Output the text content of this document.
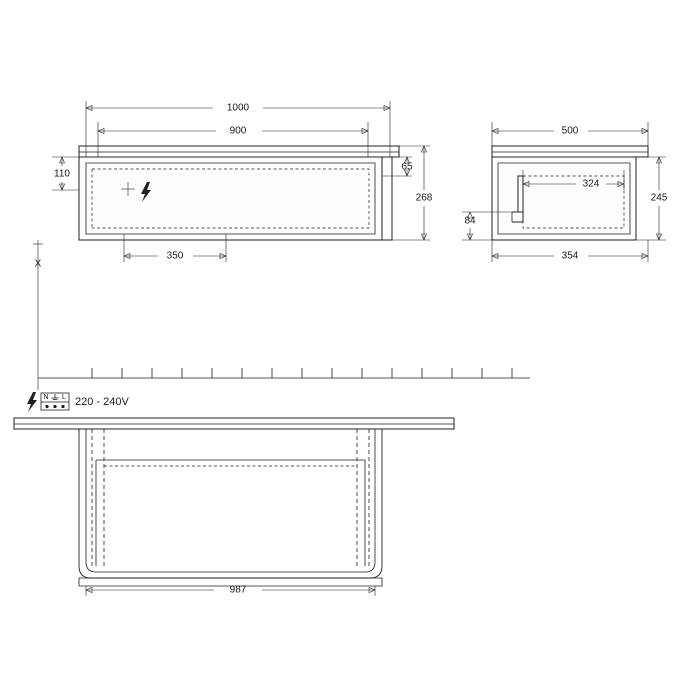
1000
900
65
110
268
350
X
500
324
245
84
354
987
220 - 240V
N L
